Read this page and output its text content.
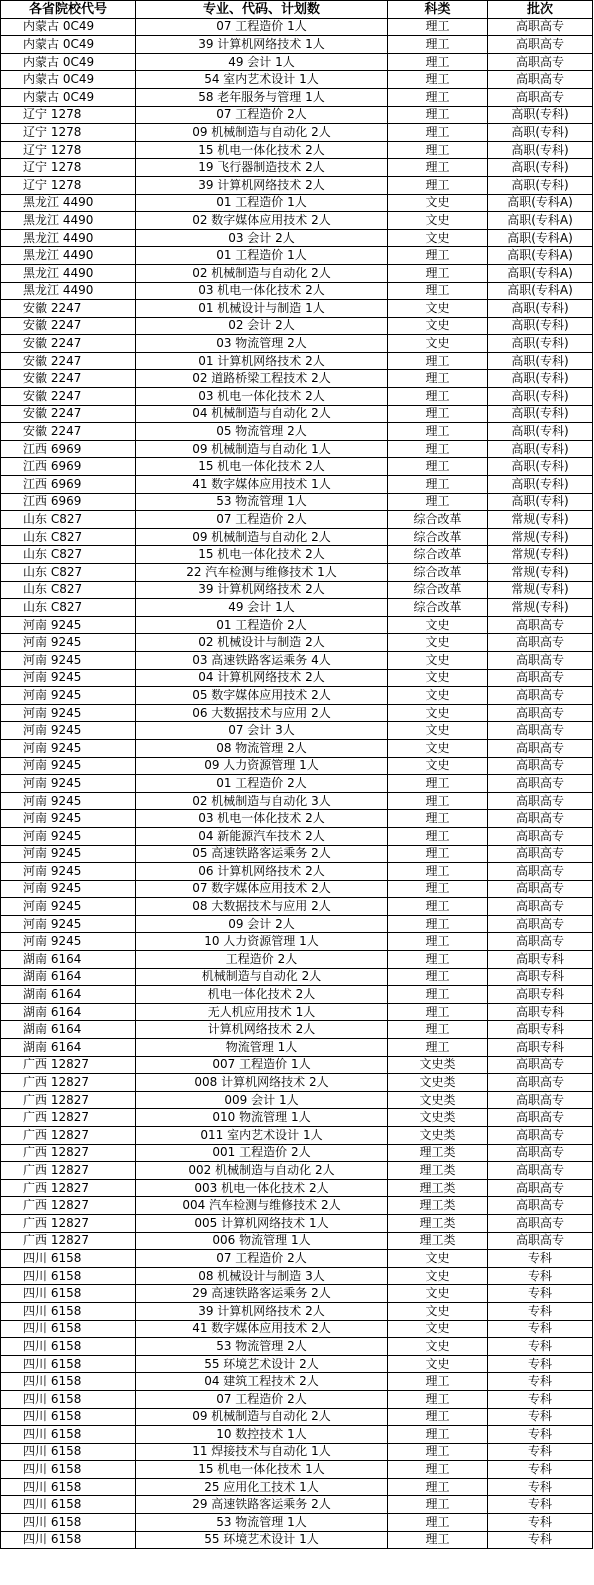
各省院校代号	专业、代码、计划数	科类	批次
内蒙古 0C49	07 工程造价 1人	理工	高职高专
内蒙古 0C49	39 计算机网络技术 1人	理工	高职高专
内蒙古 0C49	49 会计 1人	理工	高职高专
内蒙古 0C49	54 室内艺术设计 1人	理工	高职高专
内蒙古 0C49	58 老年服务与管理 1人	理工	高职高专
辽宁 1278	07 工程造价 2人	理工	高职(专科)
辽宁 1278	09 机械制造与自动化 2人	理工	高职(专科)
辽宁 1278	15 机电一体化技术 2人	理工	高职(专科)
辽宁 1278	19 飞行器制造技术 2人	理工	高职(专科)
辽宁 1278	39 计算机网络技术 2人	理工	高职(专科)
黑龙江 4490	01 工程造价 1人	文史	高职(专科A)
黑龙江 4490	02 数字媒体应用技术 2人	文史	高职(专科A)
黑龙江 4490	03 会计 2人	文史	高职(专科A)
黑龙江 4490	01 工程造价 1人	理工	高职(专科A)
黑龙江 4490	02 机械制造与自动化 2人	理工	高职(专科A)
黑龙江 4490	03 机电一体化技术 2人	理工	高职(专科A)
安徽 2247	01 机械设计与制造 1人	文史	高职(专科)
安徽 2247	02 会计 2人	文史	高职(专科)
安徽 2247	03 物流管理 2人	文史	高职(专科)
安徽 2247	01 计算机网络技术 2人	理工	高职(专科)
安徽 2247	02 道路桥梁工程技术 2人	理工	高职(专科)
安徽 2247	03 机电一体化技术 2人	理工	高职(专科)
安徽 2247	04 机械制造与自动化 2人	理工	高职(专科)
安徽 2247	05 物流管理 2人	理工	高职(专科)
江西 6969	09 机械制造与自动化 1人	理工	高职(专科)
江西 6969	15 机电一体化技术 2人	理工	高职(专科)
江西 6969	41 数字媒体应用技术 1人	理工	高职(专科)
江西 6969	53 物流管理 1人	理工	高职(专科)
山东 C827	07 工程造价 2人	综合改革	常规(专科)
山东 C827	09 机械制造与自动化 2人	综合改革	常规(专科)
山东 C827	15 机电一体化技术 2人	综合改革	常规(专科)
山东 C827	22 汽车检测与维修技术 1人	综合改革	常规(专科)
山东 C827	39 计算机网络技术 2人	综合改革	常规(专科)
山东 C827	49 会计 1人	综合改革	常规(专科)
河南 9245	01 工程造价 2人	文史	高职高专
河南 9245	02 机械设计与制造 2人	文史	高职高专
河南 9245	03 高速铁路客运乘务 4人	文史	高职高专
河南 9245	04 计算机网络技术 2人	文史	高职高专
河南 9245	05 数字媒体应用技术 2人	文史	高职高专
河南 9245	06 大数据技术与应用 2人	文史	高职高专
河南 9245	07 会计 3人	文史	高职高专
河南 9245	08 物流管理 2人	文史	高职高专
河南 9245	09 人力资源管理 1人	文史	高职高专
河南 9245	01 工程造价 2人	理工	高职高专
河南 9245	02 机械制造与自动化 3人	理工	高职高专
河南 9245	03 机电一体化技术 2人	理工	高职高专
河南 9245	04 新能源汽车技术 2人	理工	高职高专
河南 9245	05 高速铁路客运乘务 2人	理工	高职高专
河南 9245	06 计算机网络技术 2人	理工	高职高专
河南 9245	07 数字媒体应用技术 2人	理工	高职高专
河南 9245	08 大数据技术与应用 2人	理工	高职高专
河南 9245	09 会计 2人	理工	高职高专
河南 9245	10 人力资源管理 1人	理工	高职高专
湖南 6164	工程造价 2人	理工	高职专科
湖南 6164	机械制造与自动化 2人	理工	高职专科
湖南 6164	机电一体化技术 2人	理工	高职专科
湖南 6164	无人机应用技术 1人	理工	高职专科
湖南 6164	计算机网络技术 2人	理工	高职专科
湖南 6164	物流管理 1人	理工	高职专科
广西 12827	007 工程造价 1人	文史类	高职高专
广西 12827	008 计算机网络技术 2人	文史类	高职高专
广西 12827	009 会计 1人	文史类	高职高专
广西 12827	010 物流管理 1人	文史类	高职高专
广西 12827	011 室内艺术设计 1人	文史类	高职高专
广西 12827	001 工程造价 2人	理工类	高职高专
广西 12827	002 机械制造与自动化 2人	理工类	高职高专
广西 12827	003 机电一体化技术 2人	理工类	高职高专
广西 12827	004 汽车检测与维修技术 2人	理工类	高职高专
广西 12827	005 计算机网络技术 1人	理工类	高职高专
广西 12827	006 物流管理 1人	理工类	高职高专
四川 6158	07 工程造价 2人	文史	专科
四川 6158	08 机械设计与制造 3人	文史	专科
四川 6158	29 高速铁路客运乘务 2人	文史	专科
四川 6158	39 计算机网络技术 2人	文史	专科
四川 6158	41 数字媒体应用技术 2人	文史	专科
四川 6158	53 物流管理 2人	文史	专科
四川 6158	55 环境艺术设计 2人	文史	专科
四川 6158	04 建筑工程技术 2人	理工	专科
四川 6158	07 工程造价 2人	理工	专科
四川 6158	09 机械制造与自动化 2人	理工	专科
四川 6158	10 数控技术 1人	理工	专科
四川 6158	11 焊接技术与自动化 1人	理工	专科
四川 6158	15 机电一体化技术 1人	理工	专科
四川 6158	25 应用化工技术 1人	理工	专科
四川 6158	29 高速铁路客运乘务 2人	理工	专科
四川 6158	53 物流管理 1人	理工	专科
四川 6158	55 环境艺术设计 1人	理工	专科
